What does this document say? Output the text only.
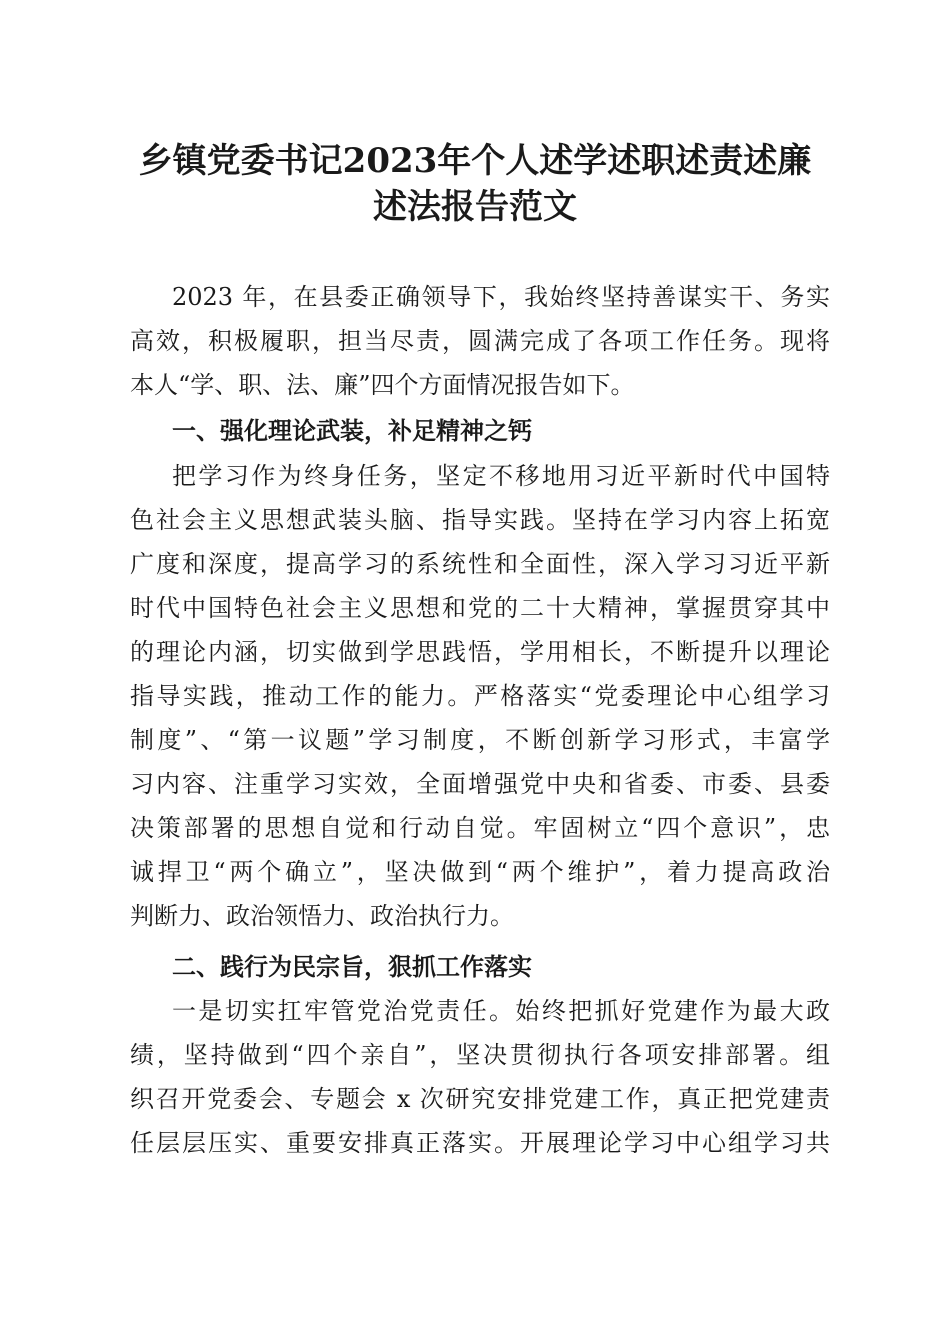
乡镇党委书记2023年个人述学述职述责述廉
述法报告范文
2023 年，在县委正确领导下，我始终坚持善谋实干、务实
高效，积极履职，担当尽责，圆满完成了各项工作任务。现将
本人“学、职、法、廉”四个方面情况报告如下。
一、强化理论武装，补足精神之钙
把学习作为终身任务，坚定不移地用习近平新时代中国特
色社会主义思想武装头脑、指导实践。坚持在学习内容上拓宽
广度和深度，提高学习的系统性和全面性，深入学习习近平新
时代中国特色社会主义思想和党的二十大精神，掌握贯穿其中
的理论内涵，切实做到学思践悟，学用相长，不断提升以理论
指导实践，推动工作的能力。严格落实“党委理论中心组学习
制度”、“第一议题”学习制度，不断创新学习形式，丰富学
习内容、注重学习实效，全面增强党中央和省委、市委、县委
决策部署的思想自觉和行动自觉。牢固树立“四个意识”，忠
诚捍卫“两个确立”，坚决做到“两个维护”，着力提高政治
判断力、政治领悟力、政治执行力。
二、践行为民宗旨，狠抓工作落实
一是切实扛牢管党治党责任。始终把抓好党建作为最大政
绩，坚持做到“四个亲自”，坚决贯彻执行各项安排部署。组
织召开党委会、专题会 x 次研究安排党建工作，真正把党建责
任层层压实、重要安排真正落实。开展理论学习中心组学习共
